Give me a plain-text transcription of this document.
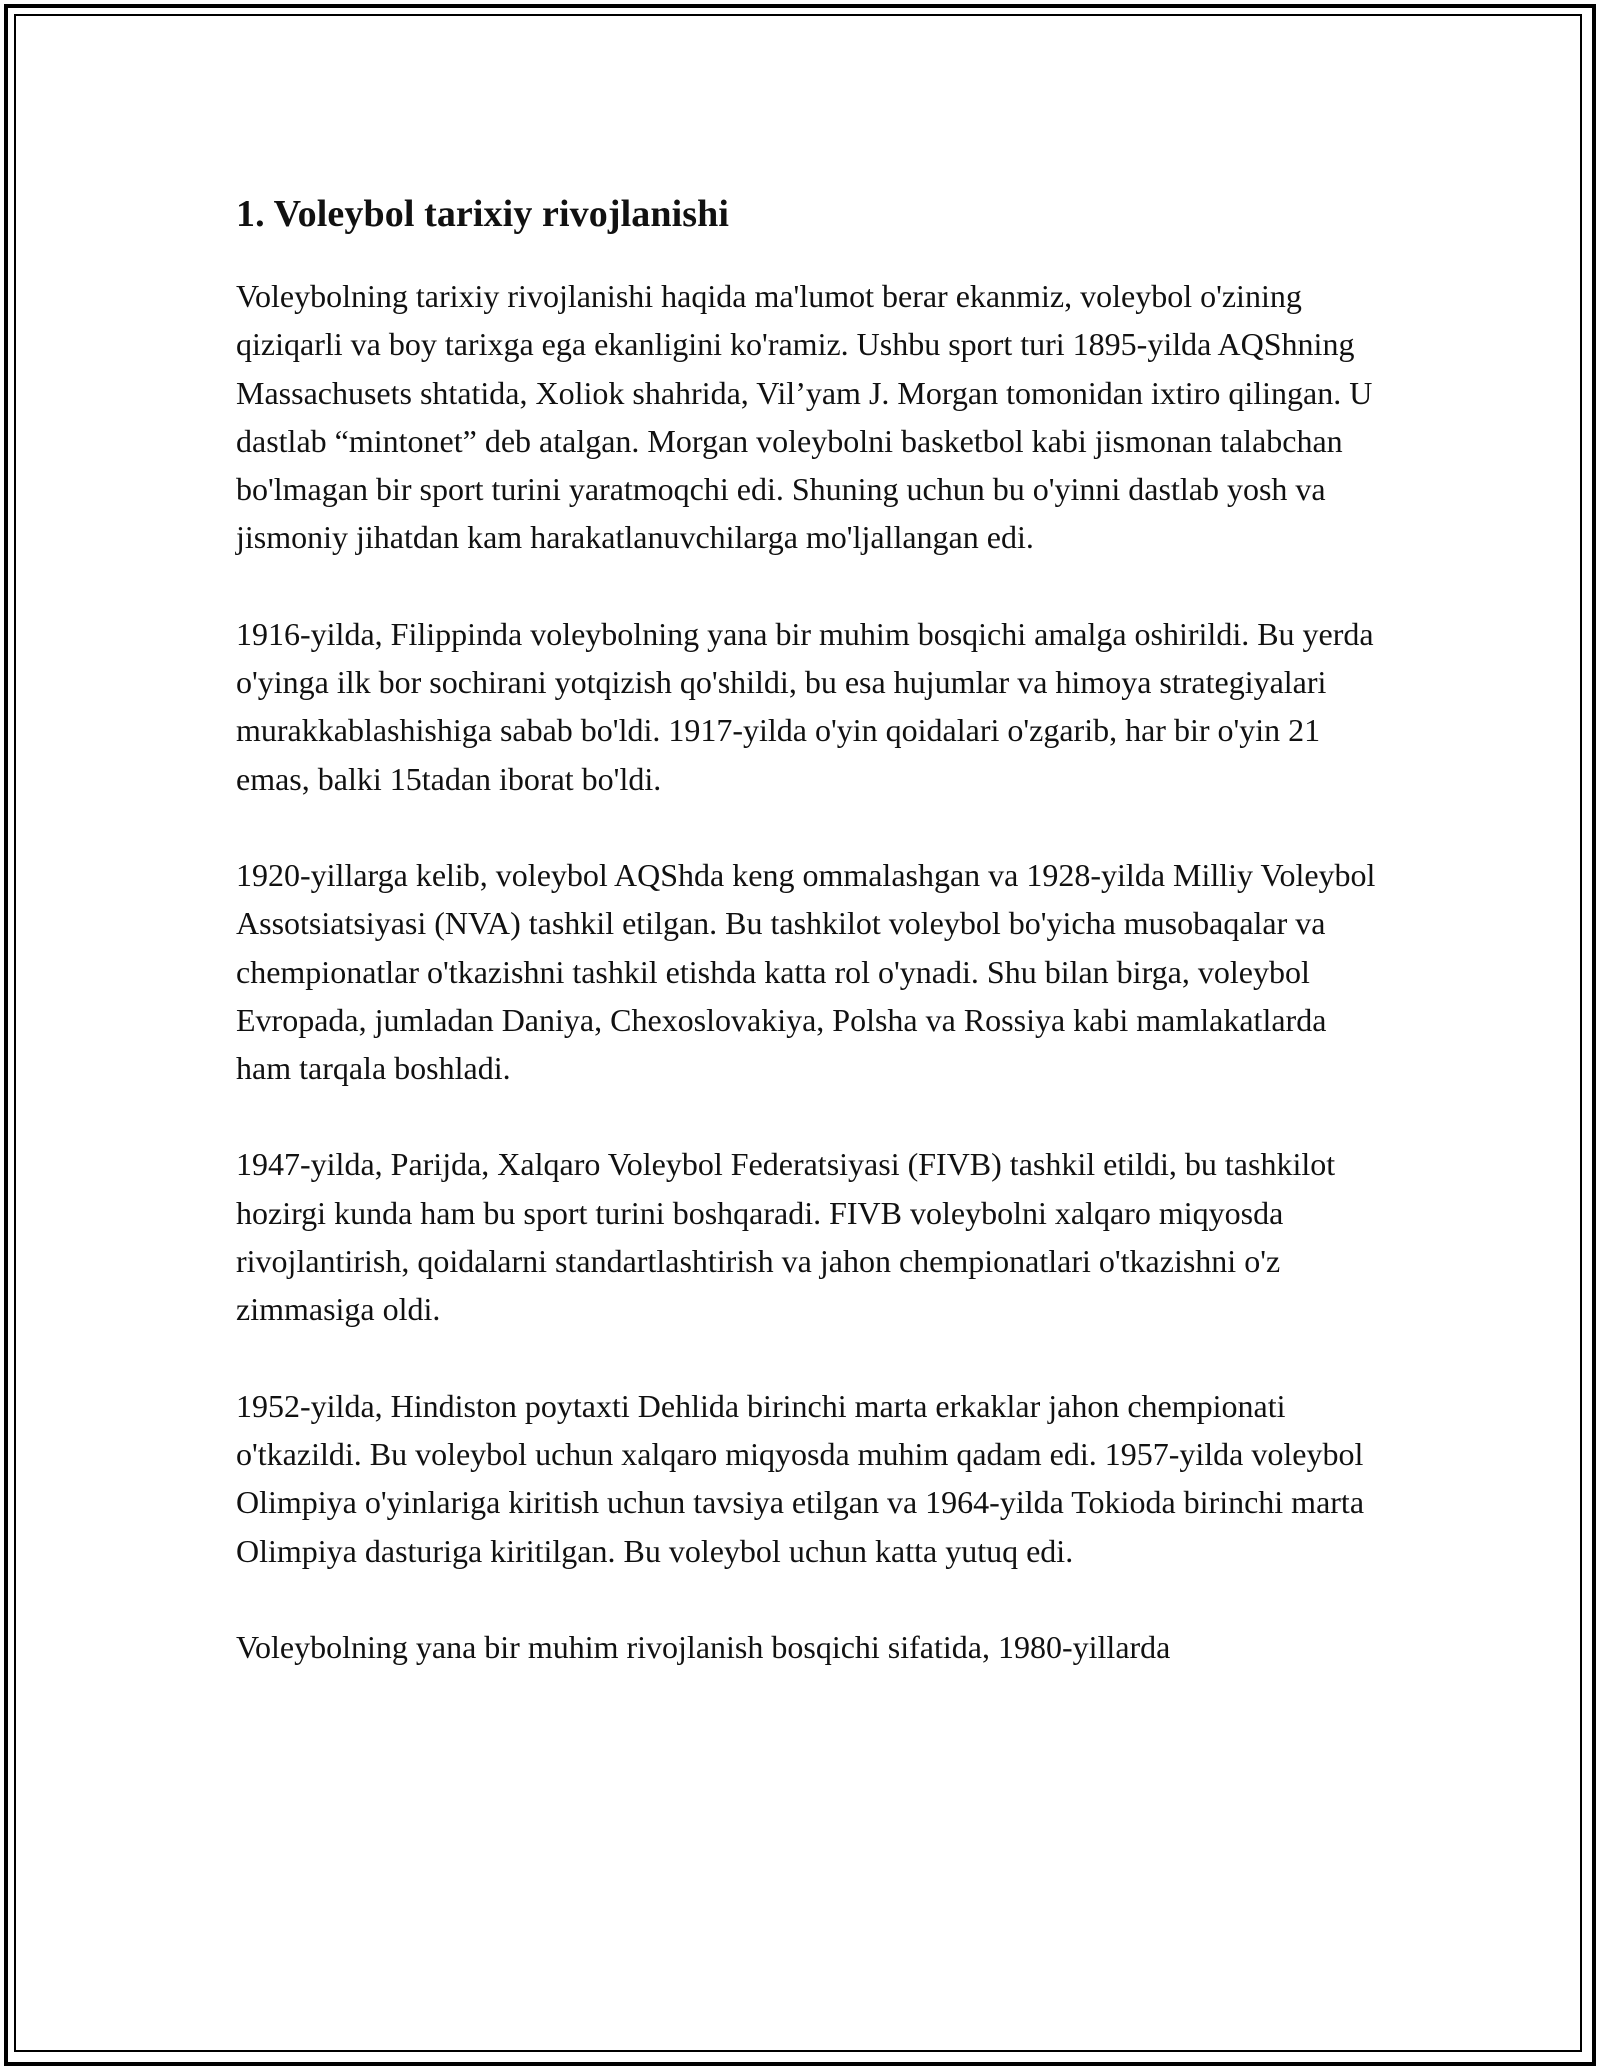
1. Voleybol tarixiy rivojlanishi

Voleybolning tarixiy rivojlanishi haqida ma'lumot berar ekanmiz, voleybol o'zining qiziqarli va boy tarixga ega ekanligini ko'ramiz. Ushbu sport turi 1895-yilda AQShning Massachusets shtatida, Xoliok shahrida, Vil’yam J. Morgan tomonidan ixtiro qilingan. U dastlab “mintonet” deb atalgan. Morgan voleybolni basketbol kabi jismonan talabchan bo'lmagan bir sport turini yaratmoqchi edi. Shuning uchun bu o'yinni dastlab yosh va jismoniy jihatdan kam harakatlanuvchilarga mo'ljallangan edi.

1916-yilda, Filippinda voleybolning yana bir muhim bosqichi amalga oshirildi. Bu yerda o'yinga ilk bor sochirani yotqizish qo'shildi, bu esa hujumlar va himoya strategiyalari murakkablashishiga sabab bo'ldi. 1917-yilda o'yin qoidalari o'zgarib, har bir o'yin 21 emas, balki 15tadan iborat bo'ldi.

1920-yillarga kelib, voleybol AQShda keng ommalashgan va 1928-yilda Milliy Voleybol Assotsiatsiyasi (NVA) tashkil etilgan. Bu tashkilot voleybol bo'yicha musobaqalar va chempionatlar o'tkazishni tashkil etishda katta rol o'ynadi. Shu bilan birga, voleybol Evropada, jumladan Daniya, Chexoslovakiya, Polsha va Rossiya kabi mamlakatlarda ham tarqala boshladi.

1947-yilda, Parijda, Xalqaro Voleybol Federatsiyasi (FIVB) tashkil etildi, bu tashkilot hozirgi kunda ham bu sport turini boshqaradi. FIVB voleybolni xalqaro miqyosda rivojlantirish, qoidalarni standartlashtirish va jahon chempionatlari o'tkazishni o'z zimmasiga oldi.

1952-yilda, Hindiston poytaxti Dehlida birinchi marta erkaklar jahon chempionati o'tkazildi. Bu voleybol uchun xalqaro miqyosda muhim qadam edi. 1957-yilda voleybol Olimpiya o'yinlariga kiritish uchun tavsiya etilgan va 1964-yilda Tokioda birinchi marta Olimpiya dasturiga kiritilgan. Bu voleybol uchun katta yutuq edi.

Voleybolning yana bir muhim rivojlanish bosqichi sifatida, 1980-yillarda
